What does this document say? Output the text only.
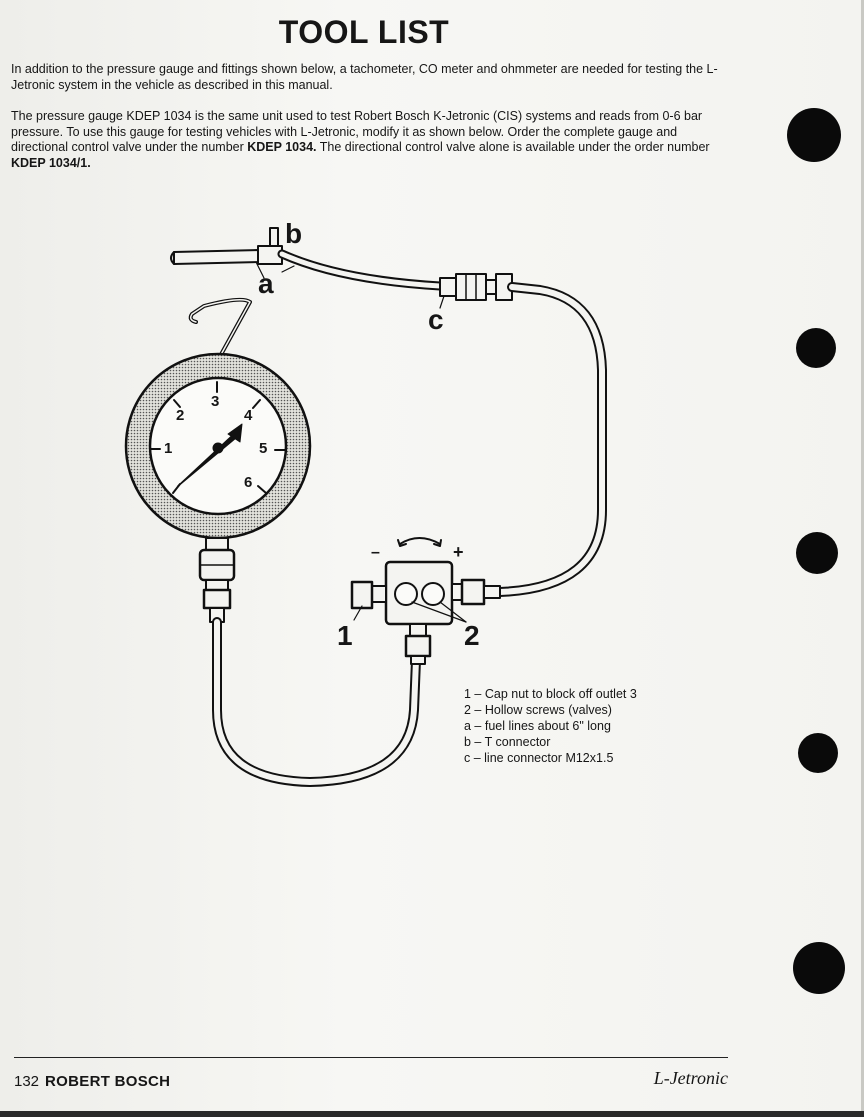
TOOL LIST

In addition to the pressure gauge and fittings shown below, a tachometer, CO meter and ohmmeter are needed for testing the L-Jetronic system in the vehicle as described in this manual.

The pressure gauge KDEP 1034 is the same unit used to test Robert Bosch K-Jetronic (CIS) systems and reads from 0-6 bar pressure. To use this gauge for testing vehicles with L-Jetronic, modify it as shown below. Order the complete gauge and directional control valve under the number KDEP 1034. The directional control valve alone is available under the order number KDEP 1034/1.

1
2
3
4
5
6
–	+
a
b
c
1	2
1 – Cap nut to block off outlet 3
2 – Hollow screws (valves)
a – fuel lines about 6" long
b – T connector
c – line connector M12x1.5
132 ROBERT BOSCH	L-Jetronic
